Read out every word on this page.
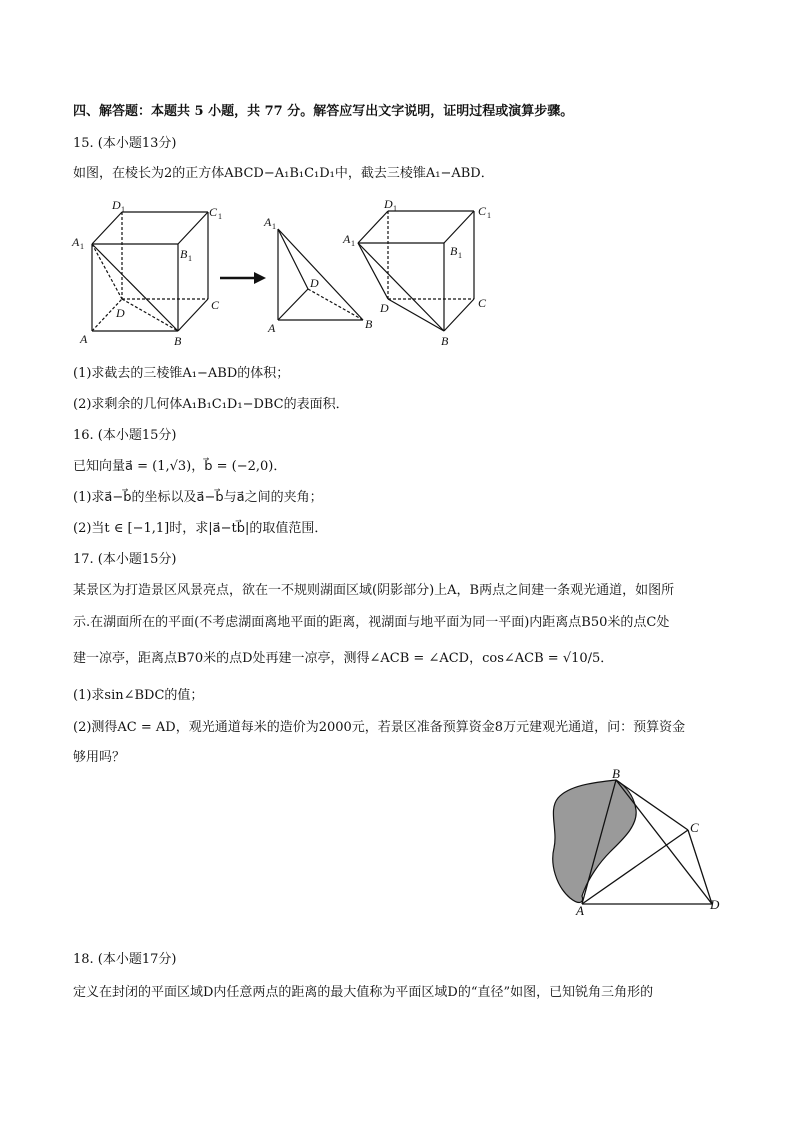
四、解答题：本题共 5 小题，共 77 分。解答应写出文字说明，证明过程或演算步骤。
15. (本小题13分)
如图，在棱长为2的正方体ABCD−A₁B₁C₁D₁中，截去三棱锥A₁−ABD．
D 1	C 1
A 1
B 1
C
D
A	B
A 1
D
A	B
D 1	C 1
A 1
B 1
C
D
B
(1)求截去的三棱锥A₁−ABD的体积；
(2)求剩余的几何体A₁B₁C₁D₁−DBC的表面积．
16. (本小题15分)
已知向量a⃗ = (1,√3)，b⃗ = (−2,0)．
(1)求a⃗−b⃗的坐标以及a⃗−b⃗与a⃗之间的夹角；
(2)当t ∈ [−1,1]时，求|a⃗−tb⃗|的取值范围．
17. (本小题15分)
某景区为打造景区风景亮点，欲在一不规则湖面区域(阴影部分)上A，B两点之间建一条观光通道，如图所
示.在湖面所在的平面(不考虑湖面离地平面的距离，视湖面与地平面为同一平面)内距离点B50米的点C处
建一凉亭，距离点B70米的点D处再建一凉亭，测得∠ACB = ∠ACD，cos∠ACB = √10/5．
(1)求sin∠BDC的值；
(2)测得AC = AD，观光通道每米的造价为2000元，若景区准备预算资金8万元建观光通道，问：预算资金
够用吗？
B
C
A	D
18. (本小题17分)
定义在封闭的平面区域D内任意两点的距离的最大值称为平面区域D的“直径”如图，已知锐角三角形的
